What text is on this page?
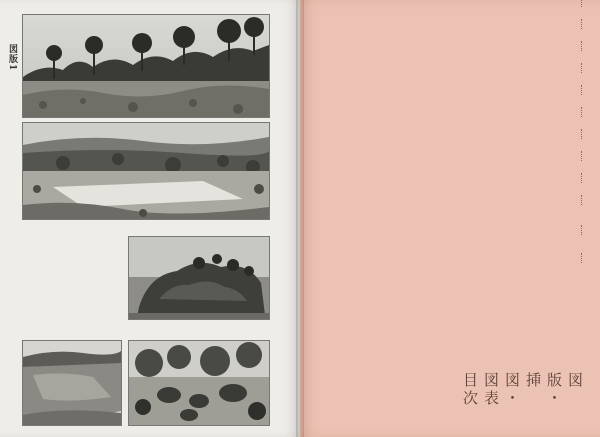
図版1
図版・挿図・図表目次
